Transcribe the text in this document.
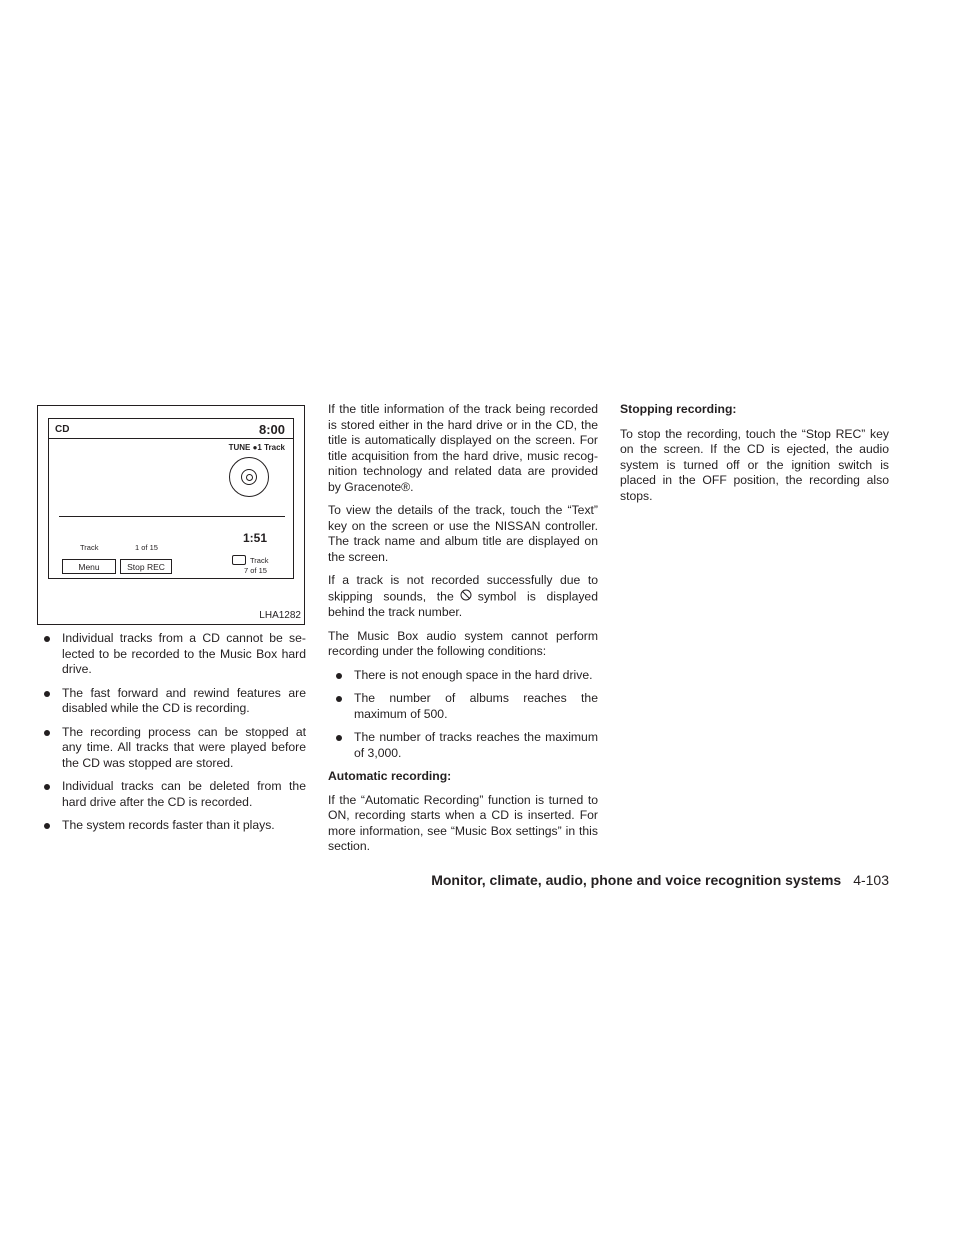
CD	8:00
TUNE ●1 Track
1:51
Track	1 of 15
Menu	Stop REC
Track
7 of 15
LHA1282
Individual tracks from a CD cannot be se-lected to be recorded to the Music Box hard drive.
The fast forward and rewind features are disabled while the CD is recording.
The recording process can be stopped at any time. All tracks that were played before the CD was stopped are stored.
Individual tracks can be deleted from the hard drive after the CD is recorded.
The system records faster than it plays.

If the title information of the track being recorded is stored either in the hard drive or in the CD, the title is automatically displayed on the screen. For title acquisition from the hard drive, music recog-nition technology and related data are provided by Gracenote®.

To view the details of the track, touch the “Text” key on the screen or use the NISSAN controller. The track name and album title are displayed on the screen.

If a track is not recorded successfully due to skipping sounds, the symbol is displayed behind the track number.

The Music Box audio system cannot perform recording under the following conditions:

There is not enough space in the hard drive.
The number of albums reaches the maximum of 500.
The number of tracks reaches the maximum of 3,000.
Automatic recording:

If the “Automatic Recording” function is turned to ON, recording starts when a CD is inserted. For more information, see “Music Box settings” in this section.

Stopping recording:

To stop the recording, touch the “Stop REC” key on the screen. If the CD is ejected, the audio system is turned off or the ignition switch is placed in the OFF position, the recording also stops.

Monitor, climate, audio, phone and voice recognition systems 4-103
